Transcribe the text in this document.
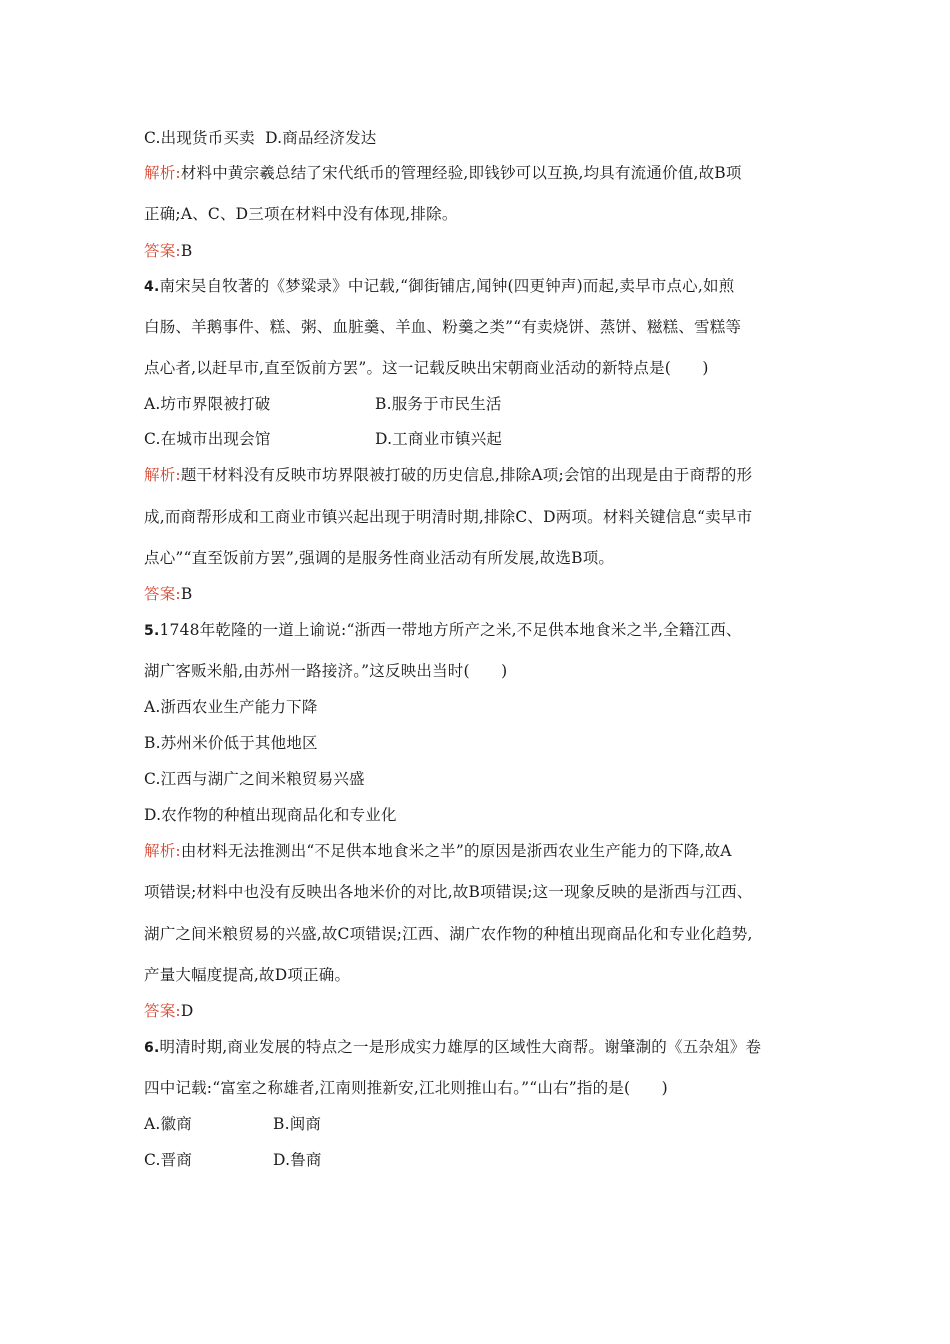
C.出现货币买卖 D.商品经济发达
解析:材料中黄宗羲总结了宋代纸币的管理经验,即钱钞可以互换,均具有流通价值,故B项
正确;A、C、D三项在材料中没有体现,排除。
答案:B
4.南宋吴自牧著的《梦粱录》中记载,“御街铺店,闻钟(四更钟声)而起,卖早市点心,如煎
白肠、羊鹅事件、糕、粥、血脏羹、羊血、粉羹之类”“有卖烧饼、蒸饼、糍糕、雪糕等
点心者,以赶早市,直至饭前方罢”。这一记载反映出宋朝商业活动的新特点是(　　)
A.坊市界限被打破	B.服务于市民生活
C.在城市出现会馆	D.工商业市镇兴起
解析:题干材料没有反映市坊界限被打破的历史信息,排除A项;会馆的出现是由于商帮的形
成,而商帮形成和工商业市镇兴起出现于明清时期,排除C、D两项。材料关键信息“卖早市
点心”“直至饭前方罢”,强调的是服务性商业活动有所发展,故选B项。
答案:B
5.1748年乾隆的一道上谕说:“浙西一带地方所产之米,不足供本地食米之半,全籍江西、
湖广客贩米船,由苏州一路接济。”这反映出当时(　　)
A.浙西农业生产能力下降
B.苏州米价低于其他地区
C.江西与湖广之间米粮贸易兴盛
D.农作物的种植出现商品化和专业化
解析:由材料无法推测出“不足供本地食米之半”的原因是浙西农业生产能力的下降,故A
项错误;材料中也没有反映出各地米价的对比,故B项错误;这一现象反映的是浙西与江西、
湖广之间米粮贸易的兴盛,故C项错误;江西、湖广农作物的种植出现商品化和专业化趋势,
产量大幅度提高,故D项正确。
答案:D
6.明清时期,商业发展的特点之一是形成实力雄厚的区域性大商帮。谢肇淛的《五杂俎》卷
四中记载:“富室之称雄者,江南则推新安,江北则推山右。”“山右”指的是(　　)
A.徽商	B.闽商
C.晋商	D.鲁商
